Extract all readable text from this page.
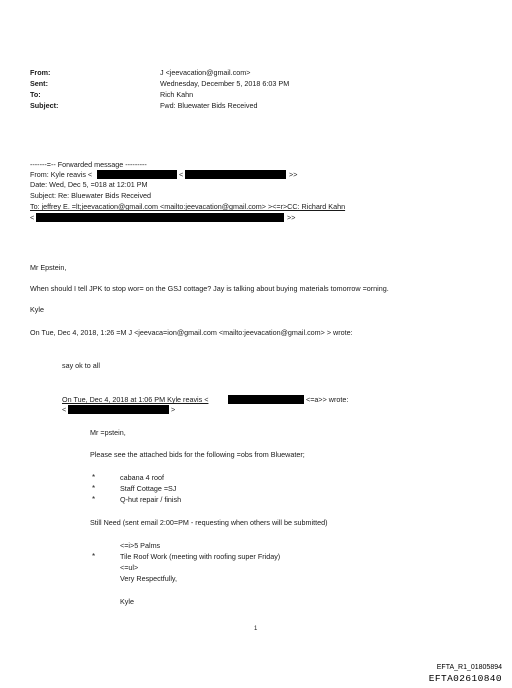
From:	J <jeevacation@gmail.com>
Sent:	Wednesday, December 5, 2018 6:03 PM
To:	Rich Kahn
Subject:	Fwd: Bluewater Bids Received
-------=-- Forwarded message ---------
From: Kyle reavis <	<	>>
Date: Wed, Dec 5, =018 at 12:01 PM
Subject: Re: Bluewater Bids Received
To: jeffrey E. =lt;jeevacation@gmail.com <mailto:jeevacation@gmail.com> ><=r>CC: Richard Kahn
<	>>
Mr Epstein,
When should I tell JPK to stop wor= on the GSJ cottage? Jay is talking about buying materials tomorrow =orning.
Kyle
On Tue, Dec 4, 2018, 1:26 =M J <jeevaca=ion@gmail.com <mailto:jeevacation@gmail.com> > wrote:
say ok to all
On Tue, Dec 4, 2018 at 1:06 PM Kyle reavis <	<=a>> wrote:
<	>
Mr =pstein,
Please see the attached bids for the following =obs from Bluewater;
*	cabana 4 roof
*	Staff Cottage =SJ
*	Q-hut repair / finish
Still Need (sent email 2:00=PM - requesting when others will be submitted)
<=i>5 Palms
*	Tile Roof Work (meeting with roofing super Friday)
<=ul>
Very Respectfully,
Kyle
1
EFTA_R1_01805894
EFTA02610840
